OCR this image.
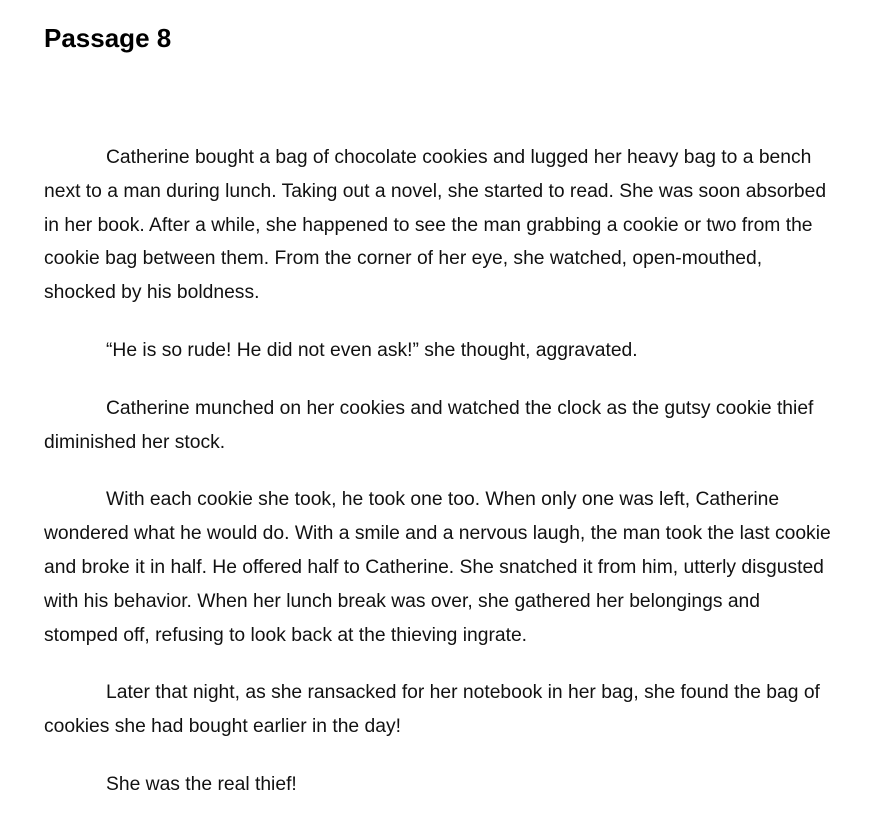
Passage 8

Catherine bought a bag of chocolate cookies and lugged her heavy bag to a bench next to a man during lunch. Taking out a novel, she started to read. She was soon absorbed in her book. After a while, she happened to see the man grabbing a cookie or two from the cookie bag between them. From the corner of her eye, she watched, open-mouthed, shocked by his boldness.

“He is so rude! He did not even ask!” she thought, aggravated.

Catherine munched on her cookies and watched the clock as the gutsy cookie thief diminished her stock.

With each cookie she took, he took one too. When only one was left, Catherine wondered what he would do. With a smile and a nervous laugh, the man took the last cookie and broke it in half. He offered half to Catherine. She snatched it from him, utterly disgusted with his behavior. When her lunch break was over, she gathered her belongings and stomped off, refusing to look back at the thieving ingrate.

Later that night, as she ransacked for her notebook in her bag, she found the bag of cookies she had bought earlier in the day!

She was the real thief!
